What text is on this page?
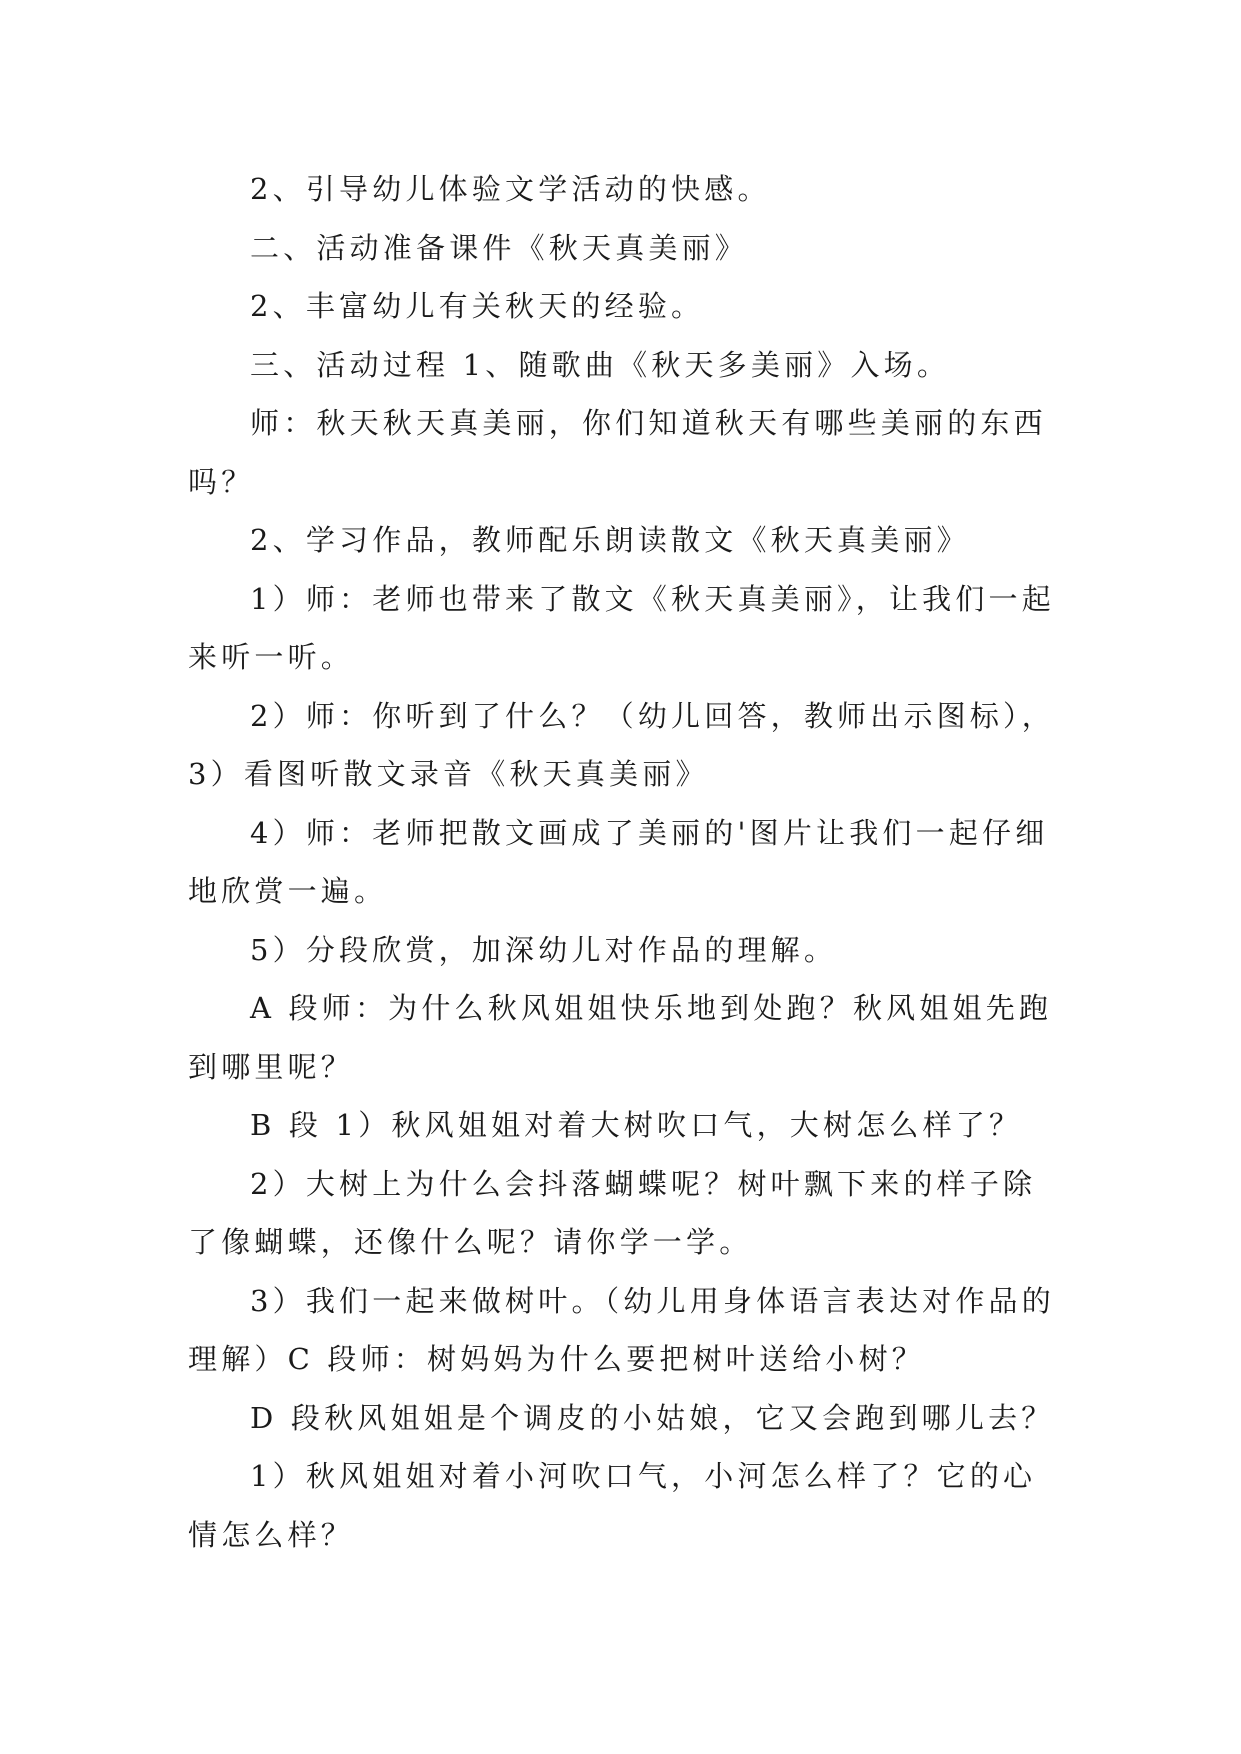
2、引导幼儿体验文学活动的快感。

二、活动准备课件《秋天真美丽》

2、丰富幼儿有关秋天的经验。

三、活动过程 1、随歌曲《秋天多美丽》入场。

师：秋天秋天真美丽，你们知道秋天有哪些美丽的东西吗？

2、学习作品，教师配乐朗读散文《秋天真美丽》

1）师：老师也带来了散文《秋天真美丽》，让我们一起来听一听。

2）师：你听到了什么？（幼儿回答，教师出示图标），

3）看图听散文录音《秋天真美丽》

4）师：老师把散文画成了美丽的'图片让我们一起仔细地欣赏一遍。

5）分段欣赏，加深幼儿对作品的理解。

A 段师：为什么秋风姐姐快乐地到处跑？秋风姐姐先跑到哪里呢？

B 段 1）秋风姐姐对着大树吹口气，大树怎么样了？

2）大树上为什么会抖落蝴蝶呢？树叶飘下来的样子除了像蝴蝶，还像什么呢？请你学一学。

3）我们一起来做树叶。（幼儿用身体语言表达对作品的理解）C 段师：树妈妈为什么要把树叶送给小树？

D 段秋风姐姐是个调皮的小姑娘，它又会跑到哪儿去？

1）秋风姐姐对着小河吹口气，小河怎么样了？它的心情怎么样？
